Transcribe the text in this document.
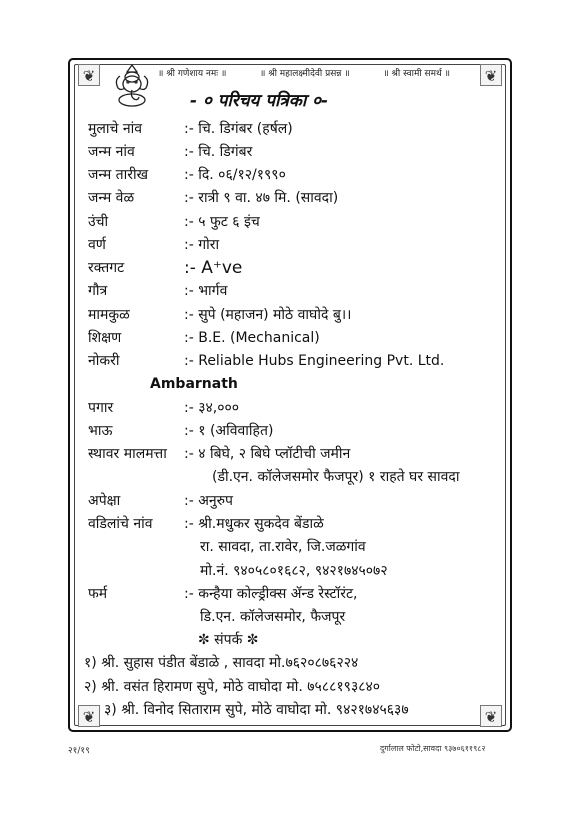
❦	❦
❦	❦
॥ श्री गणेशाय नमः ॥	॥ श्री महालक्ष्मीदेवी प्रसन्न ॥	॥ श्री स्वामी समर्थ ॥
- ० परिचय पत्रिका ०-
मुलाचे नांव	:- चि. डिगंबर (हर्षल)
जन्म नांव	:- चि. डिगंबर
जन्म तारीख	:- दि. ०६/१२/१९९०
जन्म वेळ	:- रात्री ९ वा. ४७ मि. (सावदा)
उंची	:- ५ फुट ६ इंच
वर्ण	:- गोरा
रक्तगट	:- A⁺ve
गौत्र	:- भार्गव
मामकुळ	:- सुपे (महाजन) मोठे वाघोदे बु।।
शिक्षण	:- B.E. (Mechanical)
नोकरी	:- Reliable Hubs Engineering Pvt. Ltd.
Ambarnath
पगार	:- ३४,०००
भाऊ	:- १ (अविवाहित)
स्थावर मालमत्ता :- ४ बिघे, २ बिघे प्लॉटीची जमीन
(डी.एन. कॉलेजसमोर फैजपूर) १ राहते घर सावदा
अपेक्षा	:- अनुरुप
वडिलांचे नांव :- श्री.मधुकर सुकदेव बेंडाळे
रा. सावदा, ता.रावेर, जि.जळगांव
मो.नं. ९४०५८०१६८२, ९४२१७४५०७२
फर्म	:- कन्हैया कोल्ड्रीक्स ॲन्ड रेस्टॉरंट,
डि.एन. कॉलेजसमोर, फैजपूर
✼ संपर्क ✼
१) श्री. सुहास पंडीत बेंडाळे , सावदा मो.७६२०८७६२२४
२) श्री. वसंत हिरामण सुपे, मोठे वाघोदा मो. ७५८८१९३८४०
३) श्री. विनोद सिताराम सुपे, मोठे वाघोदा मो. ९४२१७४५६३७
२१/१९	दुर्गालाल फोटो,सावदा ९३७०६११९८२
